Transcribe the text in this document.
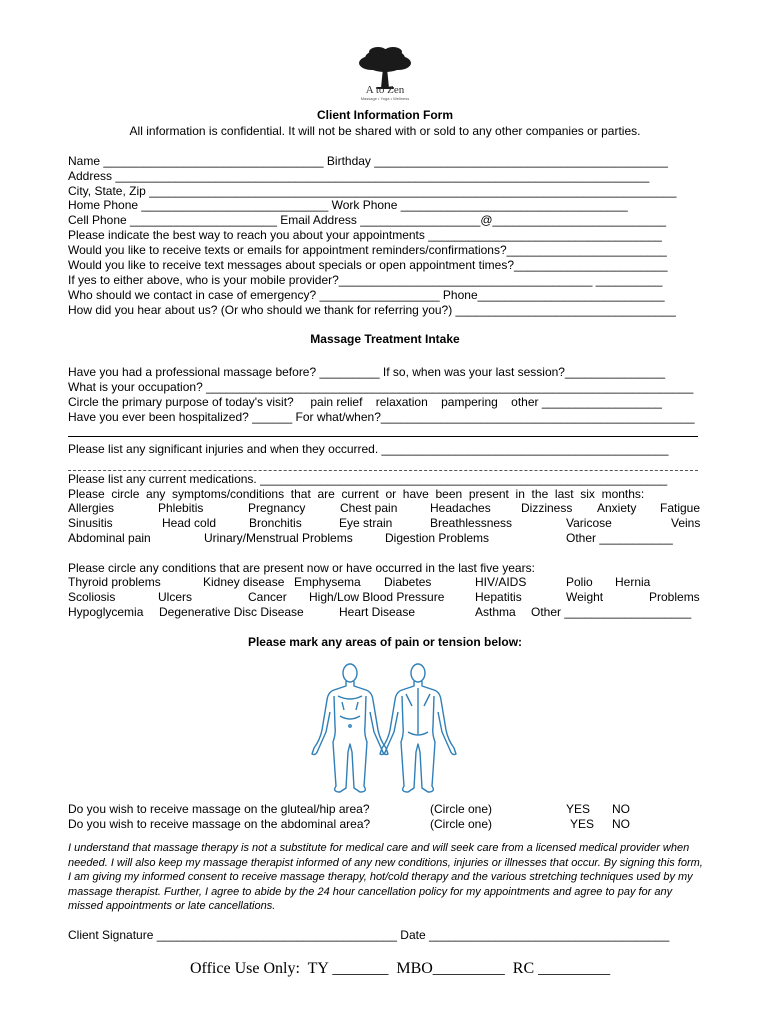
A to Zen
Massage • Yoga • Wellness
Client Information Form
All information is confidential. It will not be shared with or sold to any other companies or parties.
Name _________________________________ Birthday ____________________________________________
Address ________________________________________________________________________________
City, State, Zip _______________________________________________________________________________
Home Phone ____________________________ Work Phone __________________________________
Cell Phone ______________________ Email Address __________________@__________________________
Please indicate the best way to reach you about your appointments ___________________________________
Would you like to receive texts or emails for appointment reminders/confirmations?________________________
Would you like to receive text messages about specials or open appointment times?_______________________
If yes to either above, who is your mobile provider?______________________________________ __________
Who should we contact in case of emergency? __________________ Phone____________________________
How did you hear about us? (Or who should we thank for referring you?) _________________________________
Massage Treatment Intake
Have you had a professional massage before? _________ If so, when was your last session?_______________
What is your occupation? _________________________________________________________________________
Circle the primary purpose of today's visit?     pain relief    relaxation    pampering    other __________________
Have you ever been hospitalized? ______ For what/when?_______________________________________________
Please list any significant injuries and when they occurred. ___________________________________________
Please list any current medications. _____________________________________________________________
Please  circle  any  symptoms/conditions  that  are  current  or  have  been  present  in  the  last  six  months:
Allergies	Phlebitis	Pregnancy	Chest pain	Headaches	Dizziness Anxiety Fatigue
Sinusitis	Head cold	Bronchitis	Eye strain	Breathlessness	Varicose	Veins
Abdominal pain	Urinary/Menstrual Problems	Digestion Problems	Other ___________
Please circle any conditions that are present now or have occurred in the last five years:
Thyroid problems	Kidney disease Emphysema Diabetes	HIV/AIDS	Polio Hernia
Scoliosis	Ulcers	Cancer High/Low Blood Pressure	Hepatitis	Weight	Problems
Hypoglycemia Degenerative Disc Disease	Heart Disease	Asthma Other ___________________
Please mark any areas of pain or tension below:
Do you wish to receive massage on the gluteal/hip area?	(Circle one)	YES NO
Do you wish to receive massage on the abdominal area?	(Circle one)	YES NO
I understand that massage therapy is not a substitute for medical care and will seek care from a licensed medical provider when needed. I will also keep my massage therapist informed of any new conditions, injuries or illnesses that occur. By signing this form, I am giving my informed consent to receive massage therapy, hot/cold therapy and the various stretching techniques used by my massage therapist. Further, I agree to abide by the 24 hour cancellation policy for my appointments and agree to pay for any missed appointments or late cancellations.
Client Signature ____________________________________ Date ____________________________________
Office Use Only:  TY _______  MBO_________  RC _________
